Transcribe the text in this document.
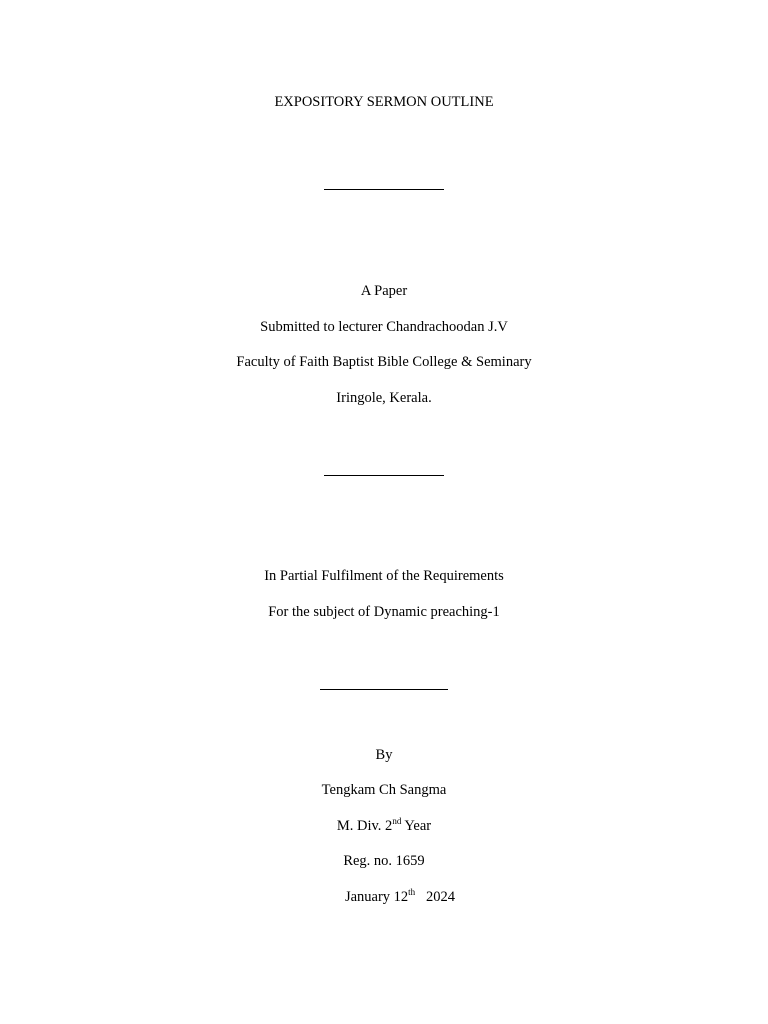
EXPOSITORY SERMON OUTLINE
A Paper
Submitted to lecturer Chandrachoodan J.V
Faculty of Faith Baptist Bible College & Seminary
Iringole, Kerala.
In Partial Fulfilment of the Requirements
For the subject of Dynamic preaching-1
By
Tengkam Ch Sangma
M. Div. 2nd Year
Reg. no. 1659
January 12th   2024
